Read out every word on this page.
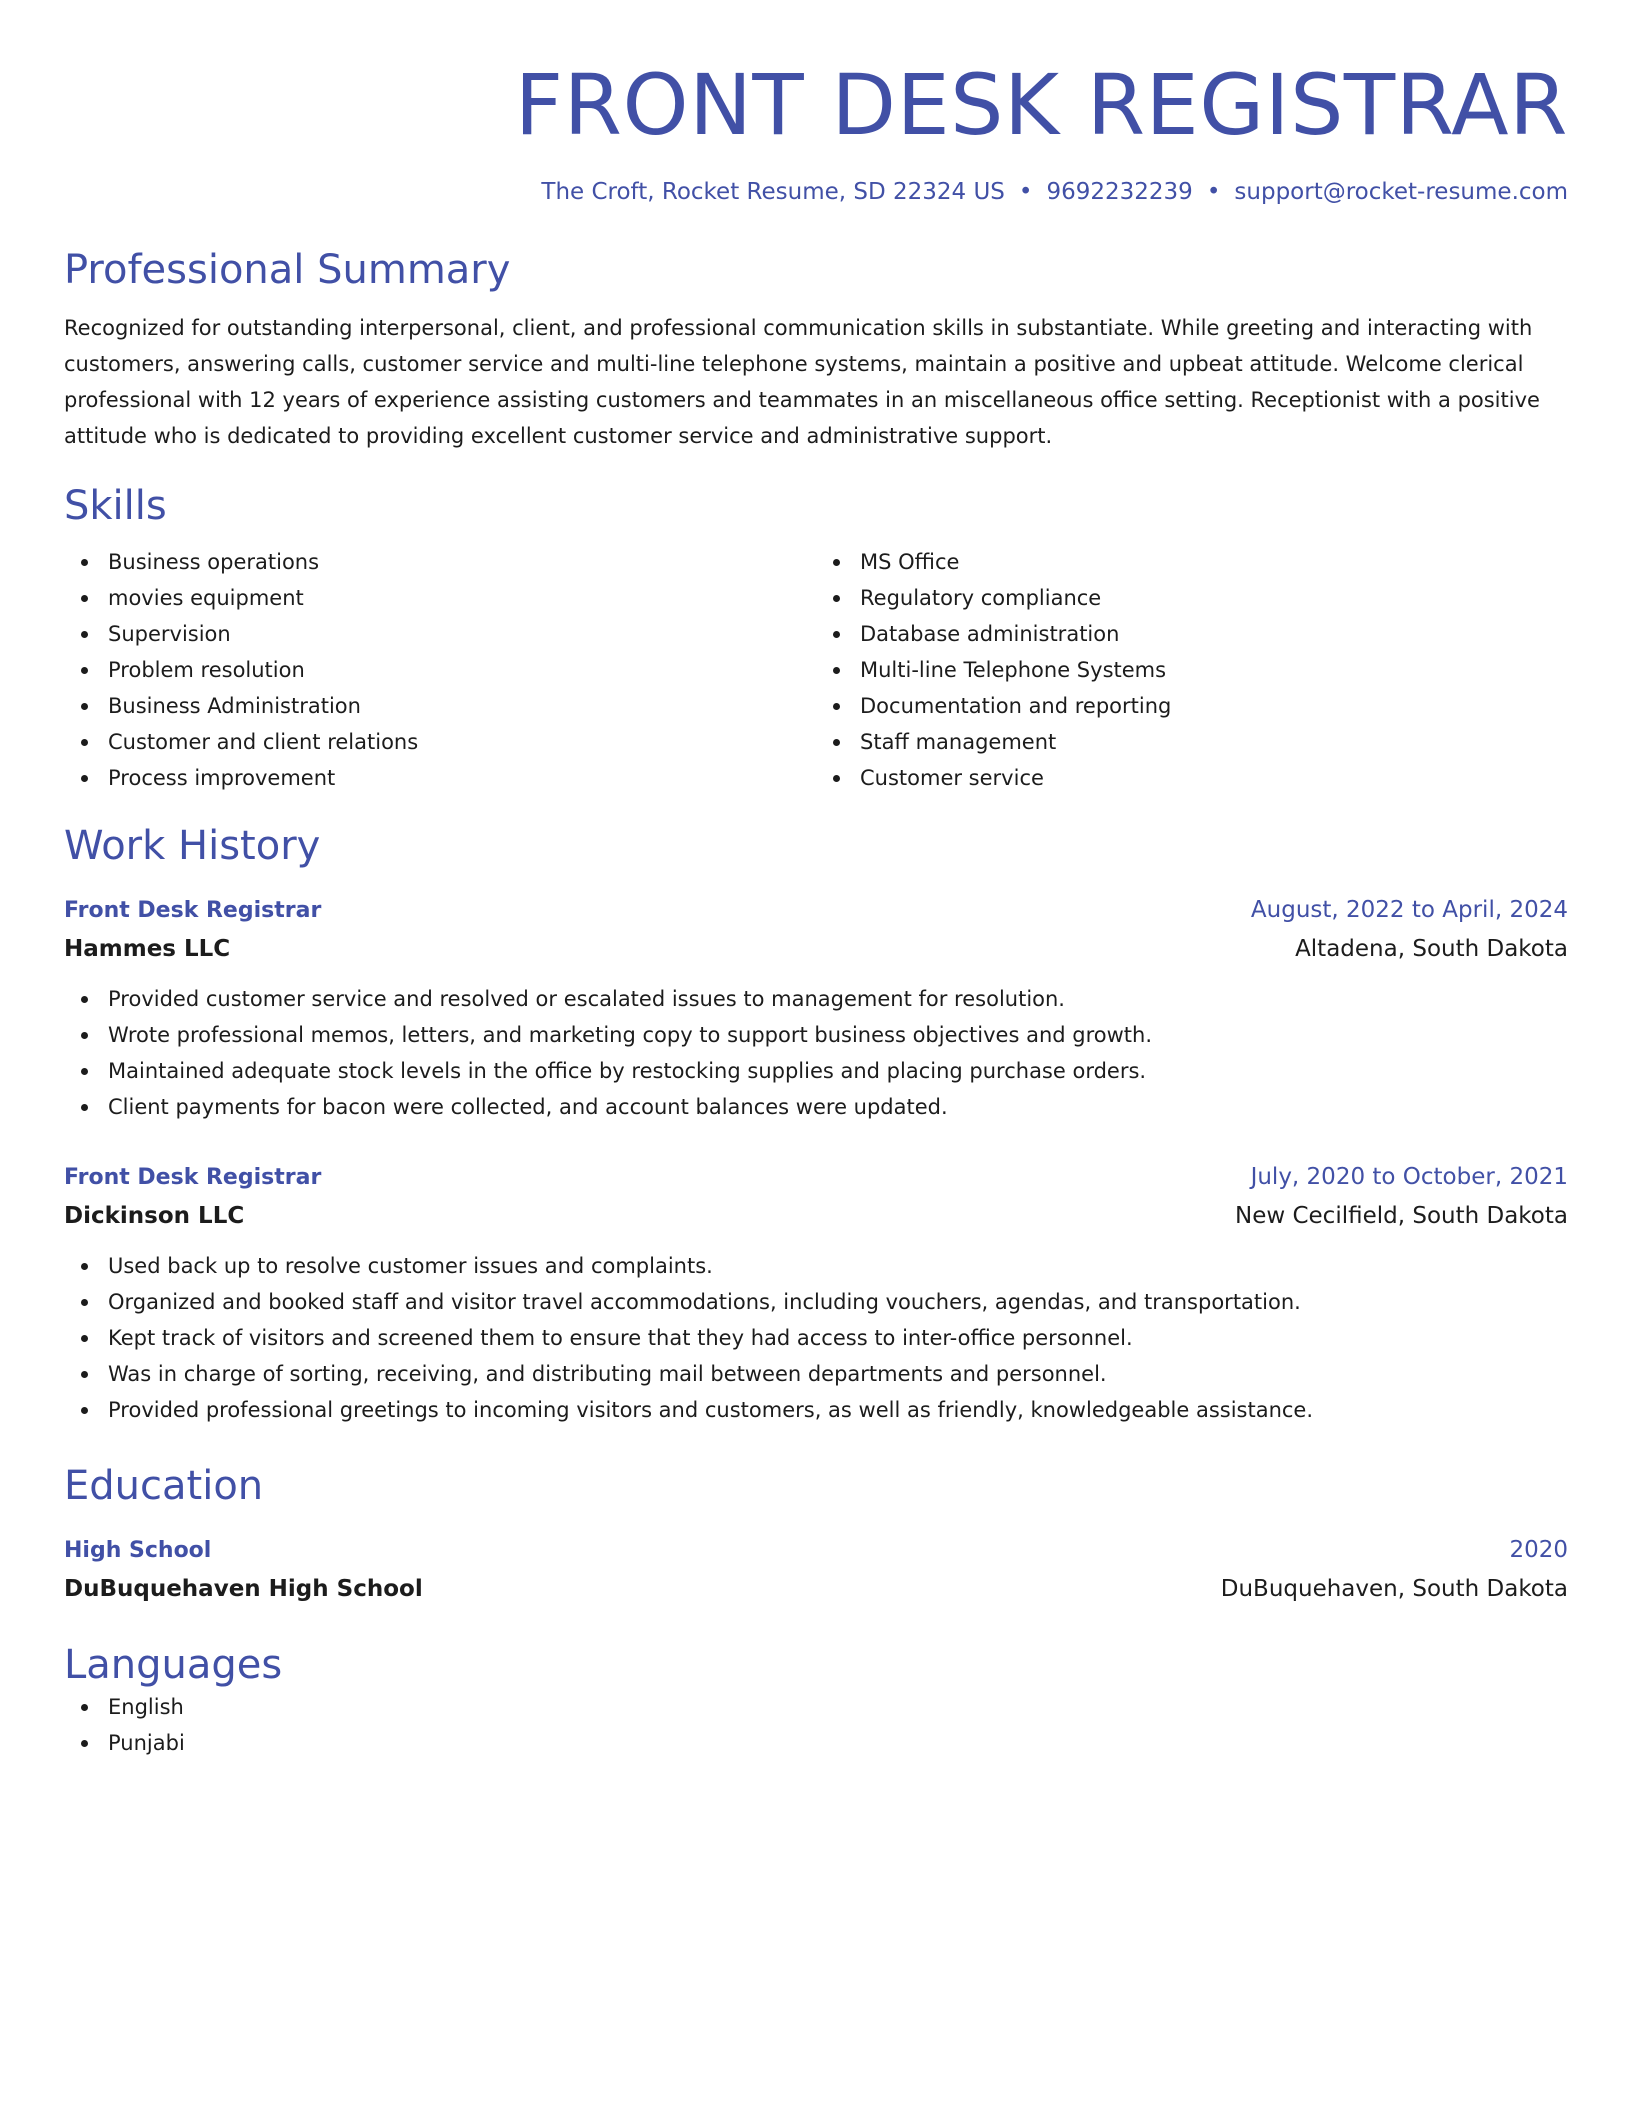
FRONT DESK REGISTRAR
The Croft, Rocket Resume, SD 22324 US • 9692232239 • support@rocket-resume.com
Professional Summary
Recognized for outstanding interpersonal, client, and professional communication skills in substantiate. While greeting and interacting with customers, answering calls, customer service and multi-line telephone systems, maintain a positive and upbeat attitude. Welcome clerical professional with 12 years of experience assisting customers and teammates in an miscellaneous office setting. Receptionist with a positive attitude who is dedicated to providing excellent customer service and administrative support.
Skills
Business operations
movies equipment
Supervision
Problem resolution
Business Administration
Customer and client relations
Process improvement
MS Office
Regulatory compliance
Database administration
Multi-line Telephone Systems
Documentation and reporting
Staff management
Customer service
Work History
Front Desk Registrar	August, 2022 to April, 2024
Hammes LLC	Altadena, South Dakota
Provided customer service and resolved or escalated issues to management for resolution.
Wrote professional memos, letters, and marketing copy to support business objectives and growth.
Maintained adequate stock levels in the office by restocking supplies and placing purchase orders.
Client payments for bacon were collected, and account balances were updated.
Front Desk Registrar	July, 2020 to October, 2021
Dickinson LLC	New Cecilfield, South Dakota
Used back up to resolve customer issues and complaints.
Organized and booked staff and visitor travel accommodations, including vouchers, agendas, and transportation.
Kept track of visitors and screened them to ensure that they had access to inter-office personnel.
Was in charge of sorting, receiving, and distributing mail between departments and personnel.
Provided professional greetings to incoming visitors and customers, as well as friendly, knowledgeable assistance.
Education
High School	2020
DuBuquehaven High School	DuBuquehaven, South Dakota
Languages
English
Punjabi
